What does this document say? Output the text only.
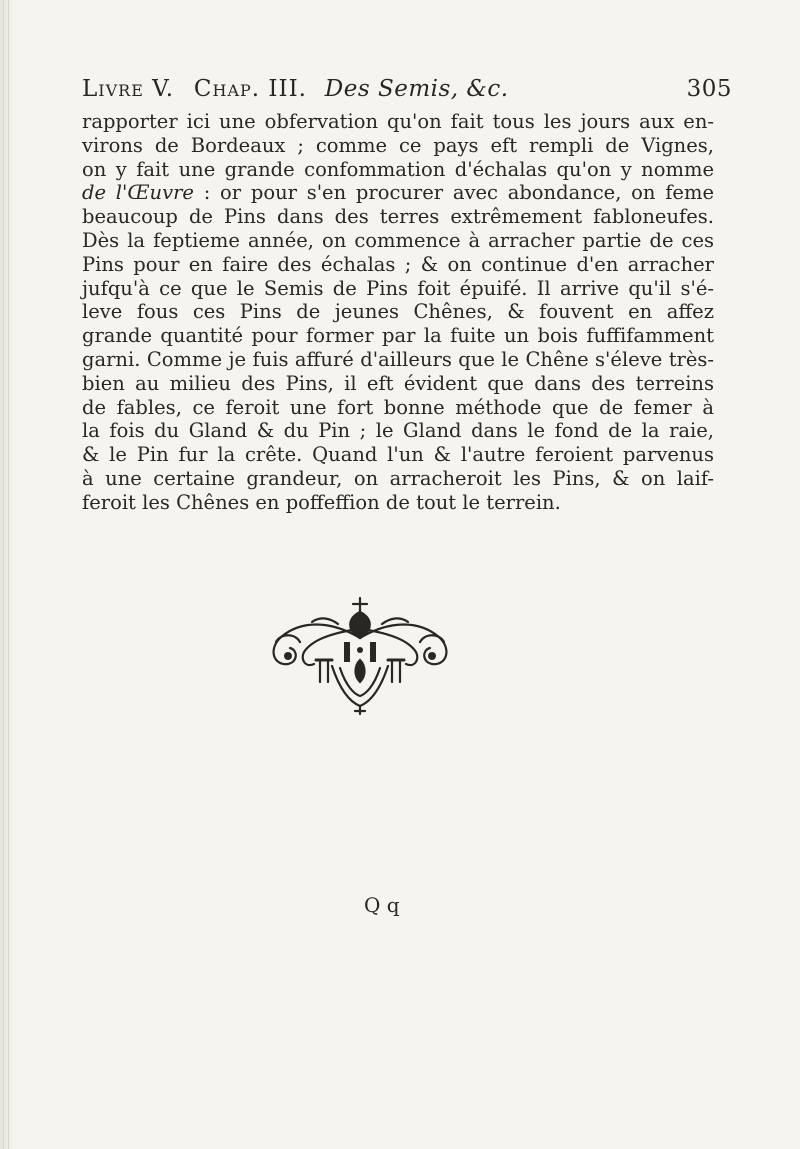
Livre V. Chap. III. Des Semis, &c.	305
rapporter ici une obfervation qu'on fait tous les jours aux en-
virons de Bordeaux ; comme ce pays eft rempli de Vignes,
on y fait une grande confommation d'échalas qu'on y nomme
de l'Œuvre : or pour s'en procurer avec abondance, on feme
beaucoup de Pins dans des terres extrêmement fabloneufes.
Dès la feptieme année, on commence à arracher partie de ces
Pins pour en faire des échalas ; & on continue d'en arracher
jufqu'à ce que le Semis de Pins foit épuifé. Il arrive qu'il s'é-
leve fous ces Pins de jeunes Chênes, & fouvent en affez
grande quantité pour former par la fuite un bois fuffifamment
garni. Comme je fuis affuré d'ailleurs que le Chêne s'éleve très-
bien au milieu des Pins, il eft évident que dans des terreins
de fables, ce feroit une fort bonne méthode que de femer à
la fois du Gland & du Pin ; le Gland dans le fond de la raie,
& le Pin fur la crête. Quand l'un & l'autre feroient parvenus
à une certaine grandeur, on arracheroit les Pins, & on laif-
feroit les Chênes en poffeffion de tout le terrein.
Q q
